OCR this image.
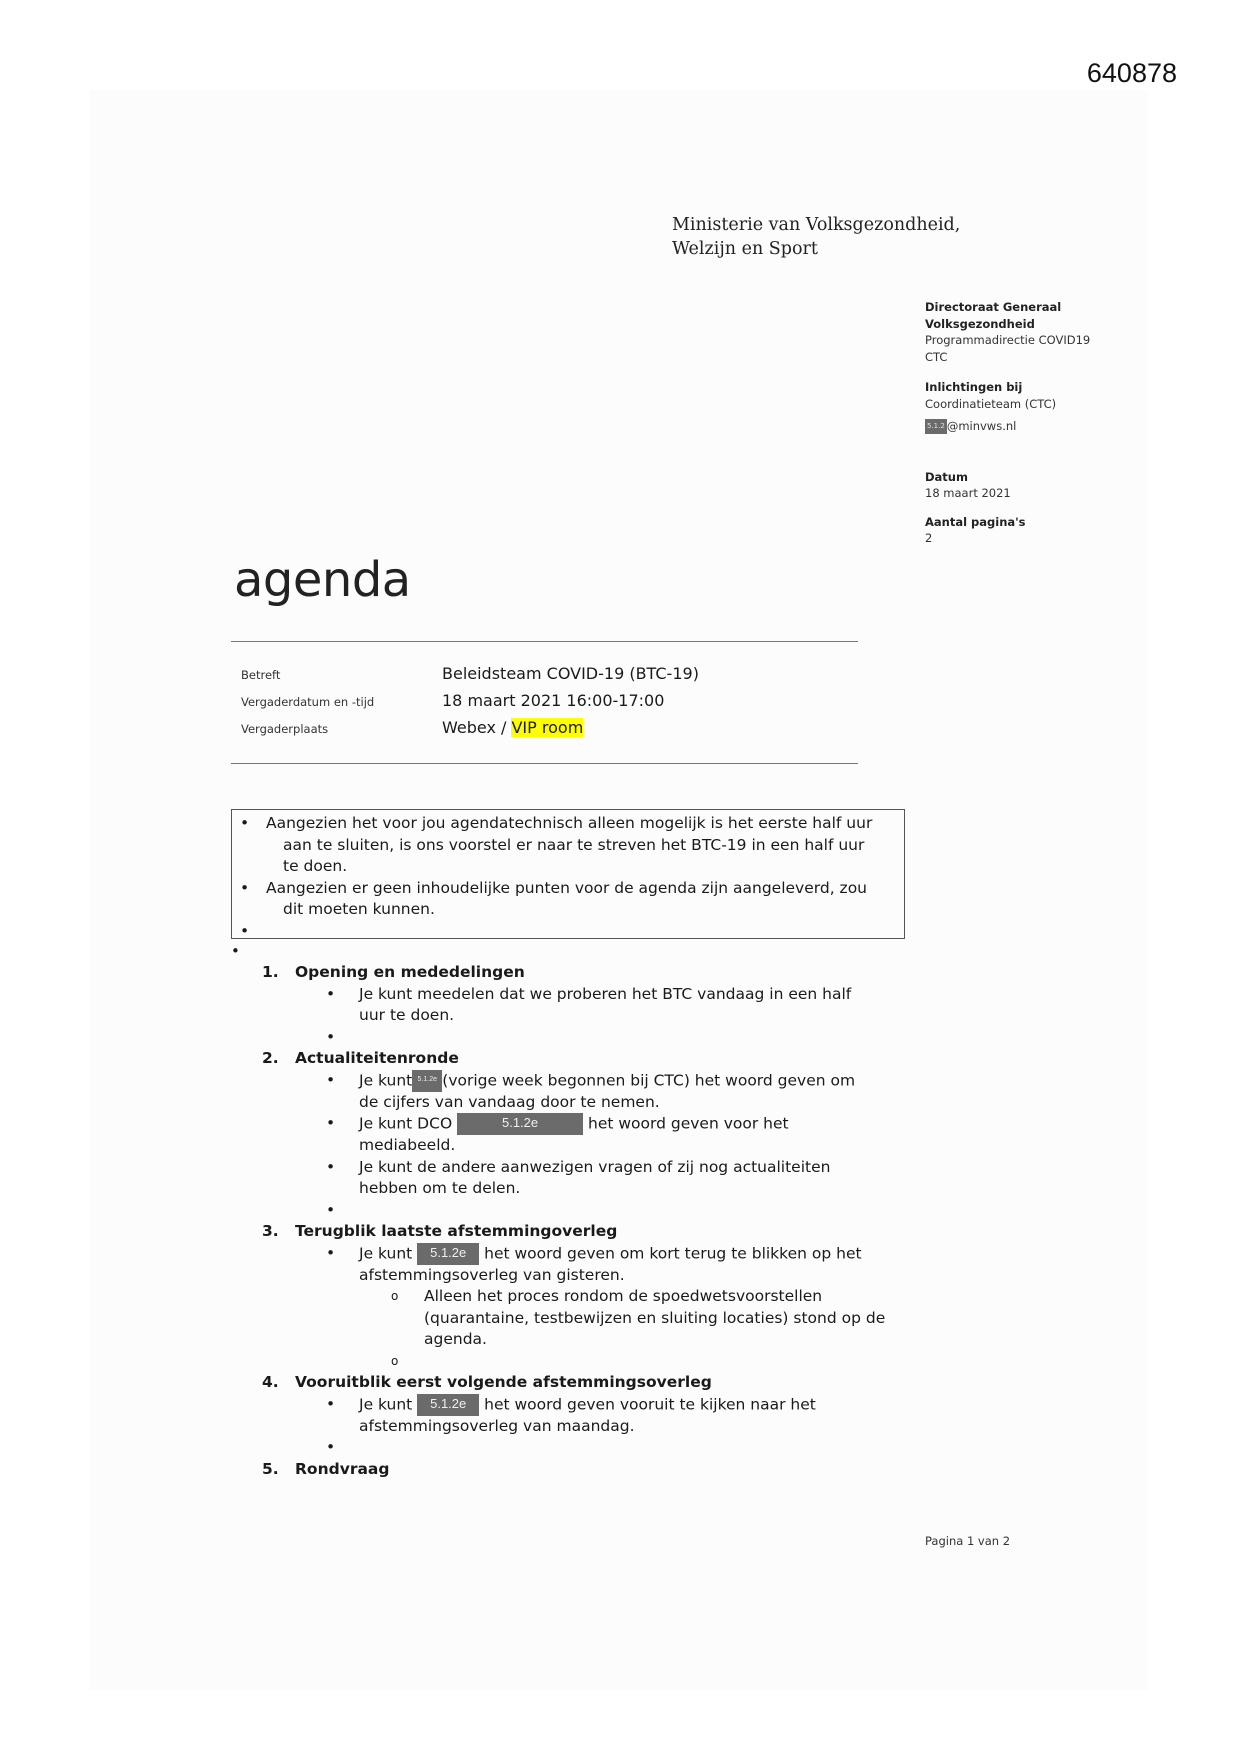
640878
Ministerie van Volksgezondheid,
Welzijn en Sport
Directoraat Generaal
Volksgezondheid
Programmadirectie COVID19
CTC
Inlichtingen bij
Coordinatieteam (CTC)
5.1.2 @minvws.nl
Datum
18 maart 2021
Aantal pagina's
2
agenda
Betreft	Beleidsteam COVID-19 (BTC-19)
Vergaderdatum en -tijd	18 maart 2021 16:00-17:00
Vergaderplaats	Webex / VIP room
• Aangezien het voor jou agendatechnisch alleen mogelijk is het eerste half uur
aan te sluiten, is ons voorstel er naar te streven het BTC-19 in een half uur
te doen.
• Aangezien er geen inhoudelijke punten voor de agenda zijn aangeleverd, zou
dit moeten kunnen.
•
•
1. Opening en mededelingen
• Je kunt meedelen dat we proberen het BTC vandaag in een half
uur te doen.
•
2. Actualiteitenronde
• Je kunt 5.1.2e (vorige week begonnen bij CTC) het woord geven om
de cijfers van vandaag door te nemen.
• Je kunt DCO	5.1.2e	het woord geven voor het
mediabeeld.
• Je kunt de andere aanwezigen vragen of zij nog actualiteiten
hebben om te delen.
•
3. Terugblik laatste afstemmingoverleg
• Je kunt 5.1.2e het woord geven om kort terug te blikken op het
afstemmingsoverleg van gisteren.
o Alleen het proces rondom de spoedwetsvoorstellen
(quarantaine, testbewijzen en sluiting locaties) stond op de
agenda.
o
4. Vooruitblik eerst volgende afstemmingsoverleg
• Je kunt 5.1.2e het woord geven vooruit te kijken naar het
afstemmingsoverleg van maandag.
•
5. Rondvraag
Pagina 1 van 2
